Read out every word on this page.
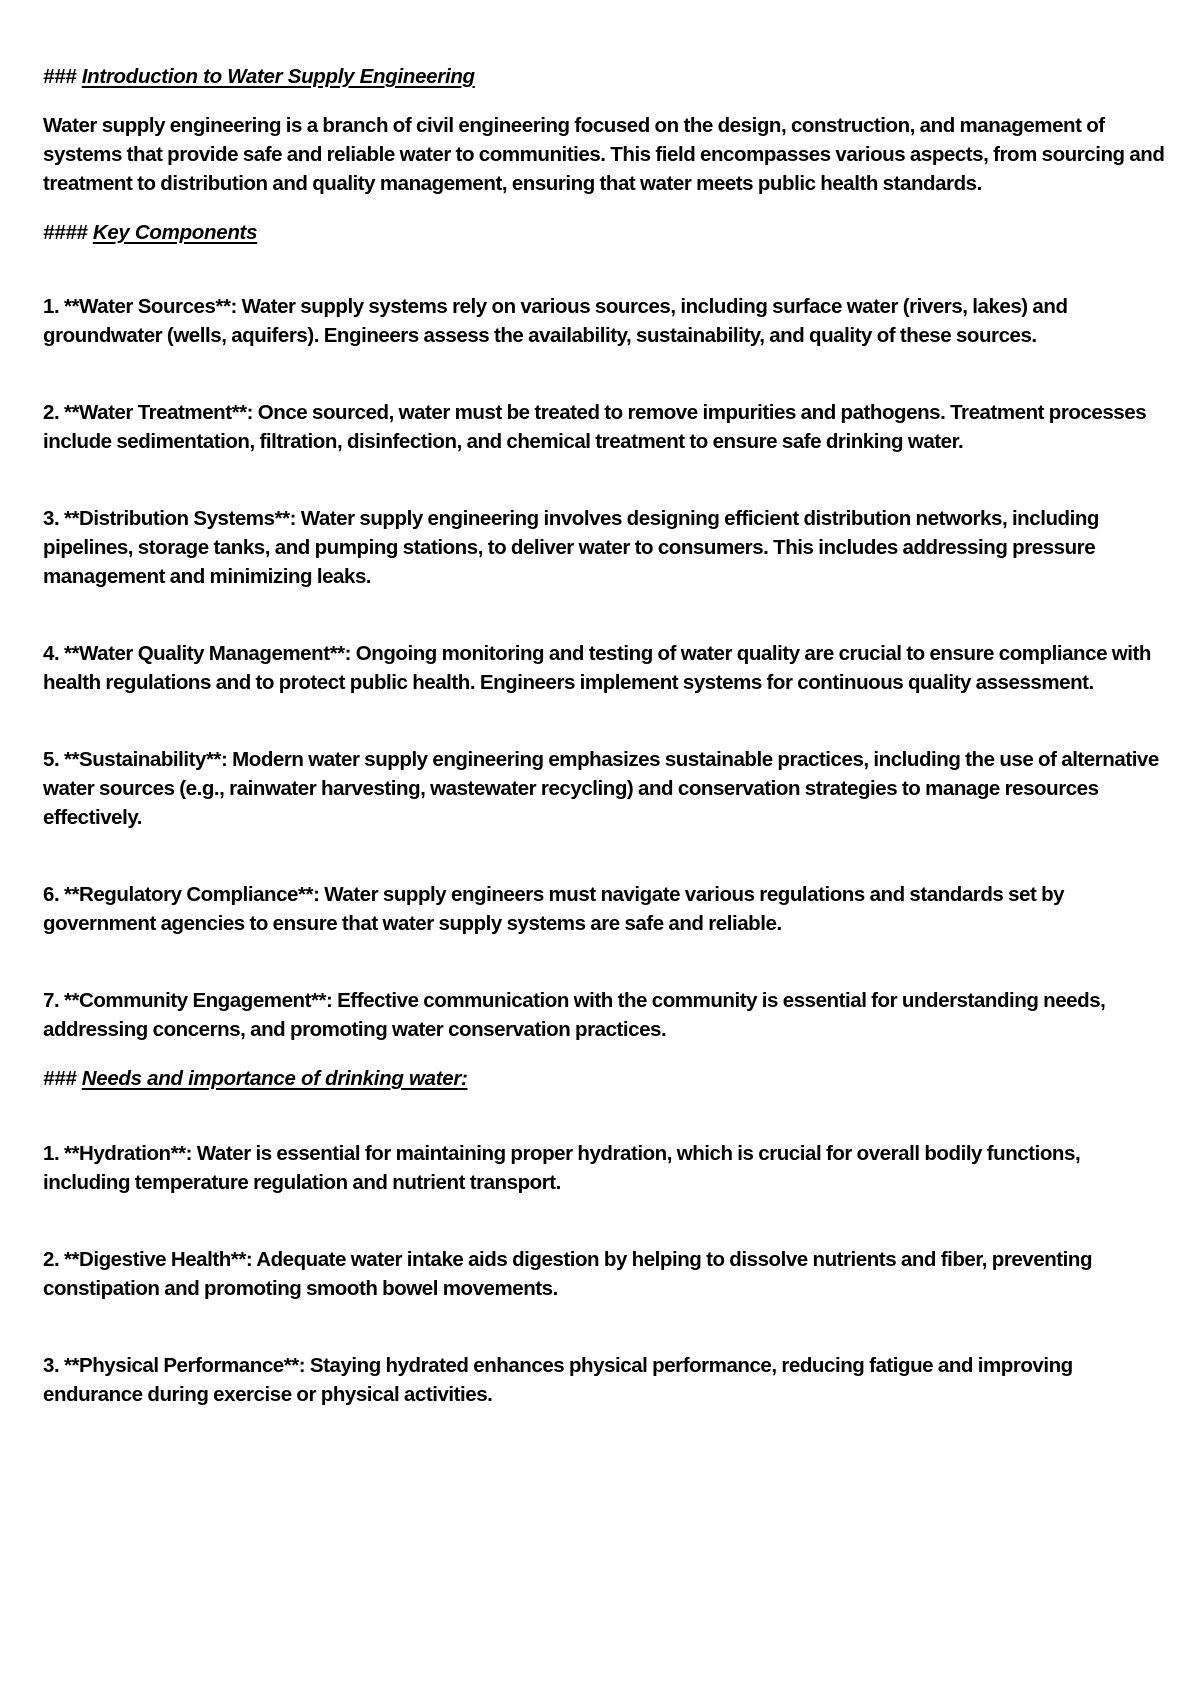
### Introduction to Water Supply Engineering

Water supply engineering is a branch of civil engineering focused on the design, construction, and management of systems that provide safe and reliable water to communities. This field encompasses various aspects, from sourcing and treatment to distribution and quality management, ensuring that water meets public health standards.

#### Key Components

1. **Water Sources**: Water supply systems rely on various sources, including surface water (rivers, lakes) and groundwater (wells, aquifers). Engineers assess the availability, sustainability, and quality of these sources.

2. **Water Treatment**: Once sourced, water must be treated to remove impurities and pathogens. Treatment processes include sedimentation, filtration, disinfection, and chemical treatment to ensure safe drinking water.

3. **Distribution Systems**: Water supply engineering involves designing efficient distribution networks, including pipelines, storage tanks, and pumping stations, to deliver water to consumers. This includes addressing pressure management and minimizing leaks.

4. **Water Quality Management**: Ongoing monitoring and testing of water quality are crucial to ensure compliance with health regulations and to protect public health. Engineers implement systems for continuous quality assessment.

5. **Sustainability**: Modern water supply engineering emphasizes sustainable practices, including the use of alternative water sources (e.g., rainwater harvesting, wastewater recycling) and conservation strategies to manage resources effectively.

6. **Regulatory Compliance**: Water supply engineers must navigate various regulations and standards set by government agencies to ensure that water supply systems are safe and reliable.

7. **Community Engagement**: Effective communication with the community is essential for understanding needs, addressing concerns, and promoting water conservation practices.

### Needs and importance of drinking water:

1. **Hydration**: Water is essential for maintaining proper hydration, which is crucial for overall bodily functions, including temperature regulation and nutrient transport.

2. **Digestive Health**: Adequate water intake aids digestion by helping to dissolve nutrients and fiber, preventing constipation and promoting smooth bowel movements.

3. **Physical Performance**: Staying hydrated enhances physical performance, reducing fatigue and improving endurance during exercise or physical activities.
